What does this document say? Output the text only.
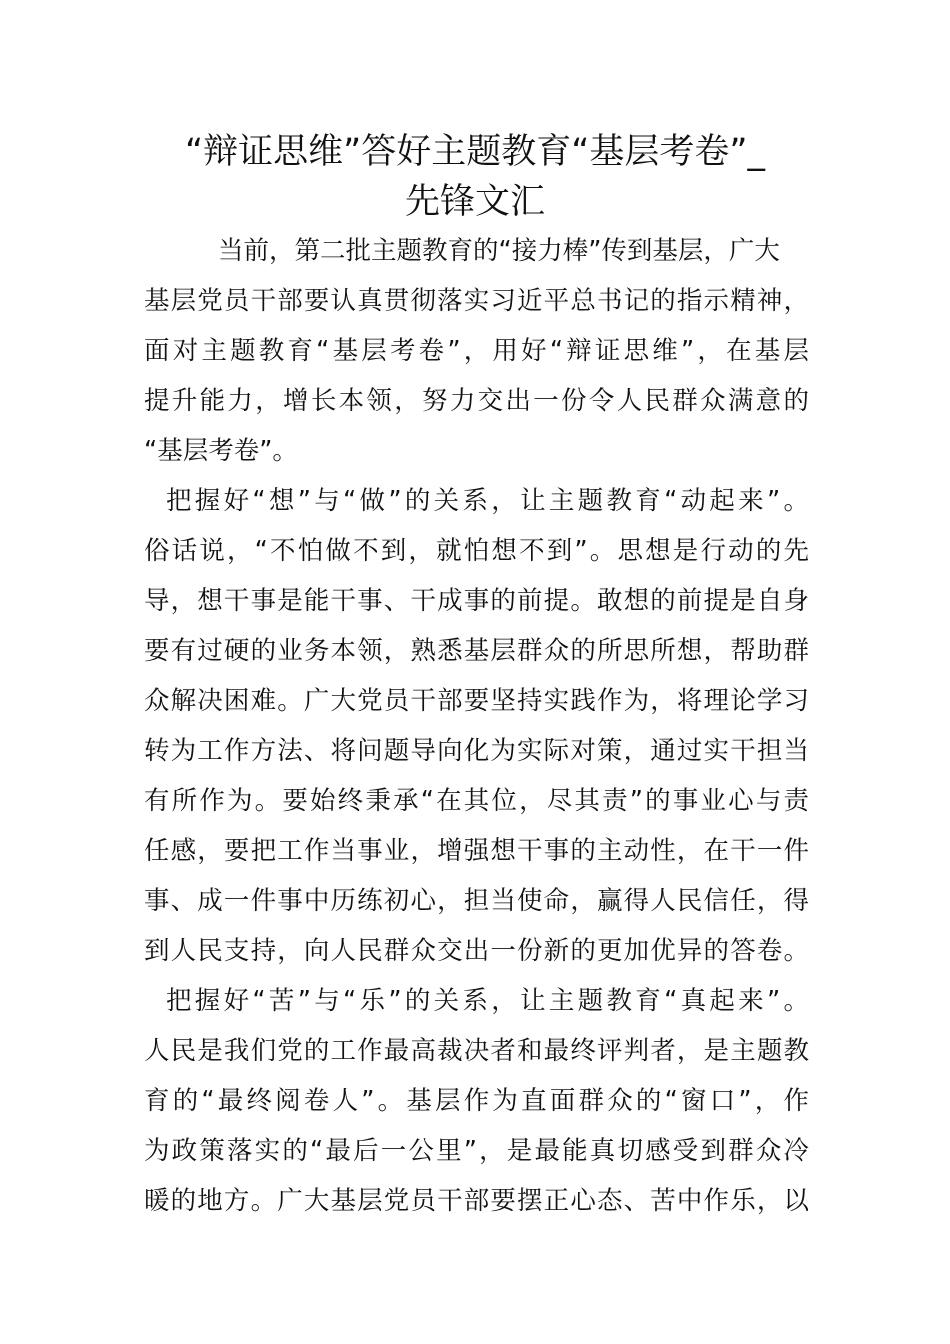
“辩证思维”答好主题教育“基层考卷”_
先锋文汇
当前，第二批主题教育的“接力棒”传到基层，广大
基层党员干部要认真贯彻落实习近平总书记的指示精神，
面对主题教育“基层考卷”，用好“辩证思维”，在基层
提升能力，增长本领，努力交出一份令人民群众满意的
“基层考卷”。
把握好“想”与“做”的关系，让主题教育“动起来”。
俗话说，“不怕做不到，就怕想不到”。思想是行动的先
导，想干事是能干事、干成事的前提。敢想的前提是自身
要有过硬的业务本领，熟悉基层群众的所思所想，帮助群
众解决困难。广大党员干部要坚持实践作为，将理论学习
转为工作方法、将问题导向化为实际对策，通过实干担当
有所作为。要始终秉承“在其位，尽其责”的事业心与责
任感，要把工作当事业，增强想干事的主动性，在干一件
事、成一件事中历练初心，担当使命，赢得人民信任，得
到人民支持，向人民群众交出一份新的更加优异的答卷。
把握好“苦”与“乐”的关系，让主题教育“真起来”。
人民是我们党的工作最高裁决者和最终评判者，是主题教
育的“最终阅卷人”。基层作为直面群众的“窗口”，作
为政策落实的“最后一公里”，是最能真切感受到群众冷
暖的地方。广大基层党员干部要摆正心态、苦中作乐，以
